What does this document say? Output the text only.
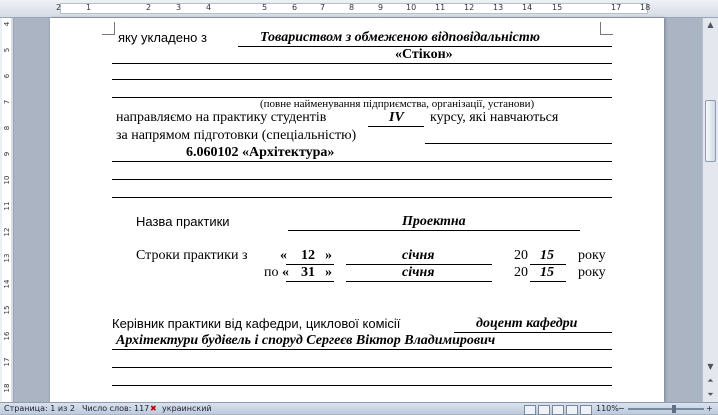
2	1	2	3	4	5	6	7	8	9	10 11 12 13 14 15	17 18
4
5
6
7
8
9
10
11
12
13
14
15
16
17
18
яку укладено з	Товариством з обмеженою відповідальністю
«Стікон»
(повне найменування підприємства, організації, установи)
направляємо на практику студентів	IV курсу, які навчаються
за напрямом підготовки (спеціальністю)
6.060102 «Архітектура»
Назва практики	Проектна
Строки практики з « 12 »	січня	20 15 року
по « 31 »	січня	20 15 року
Керівник практики від кафедри, циклової комісії	доцент кафедри
Архітектури будівель і споруд Сергеєв Віктор Владимирович
▲
▼
⏶
⏷
Страница: 1 из 2 Число слов: 117 ✖ украинский	110% −	+
